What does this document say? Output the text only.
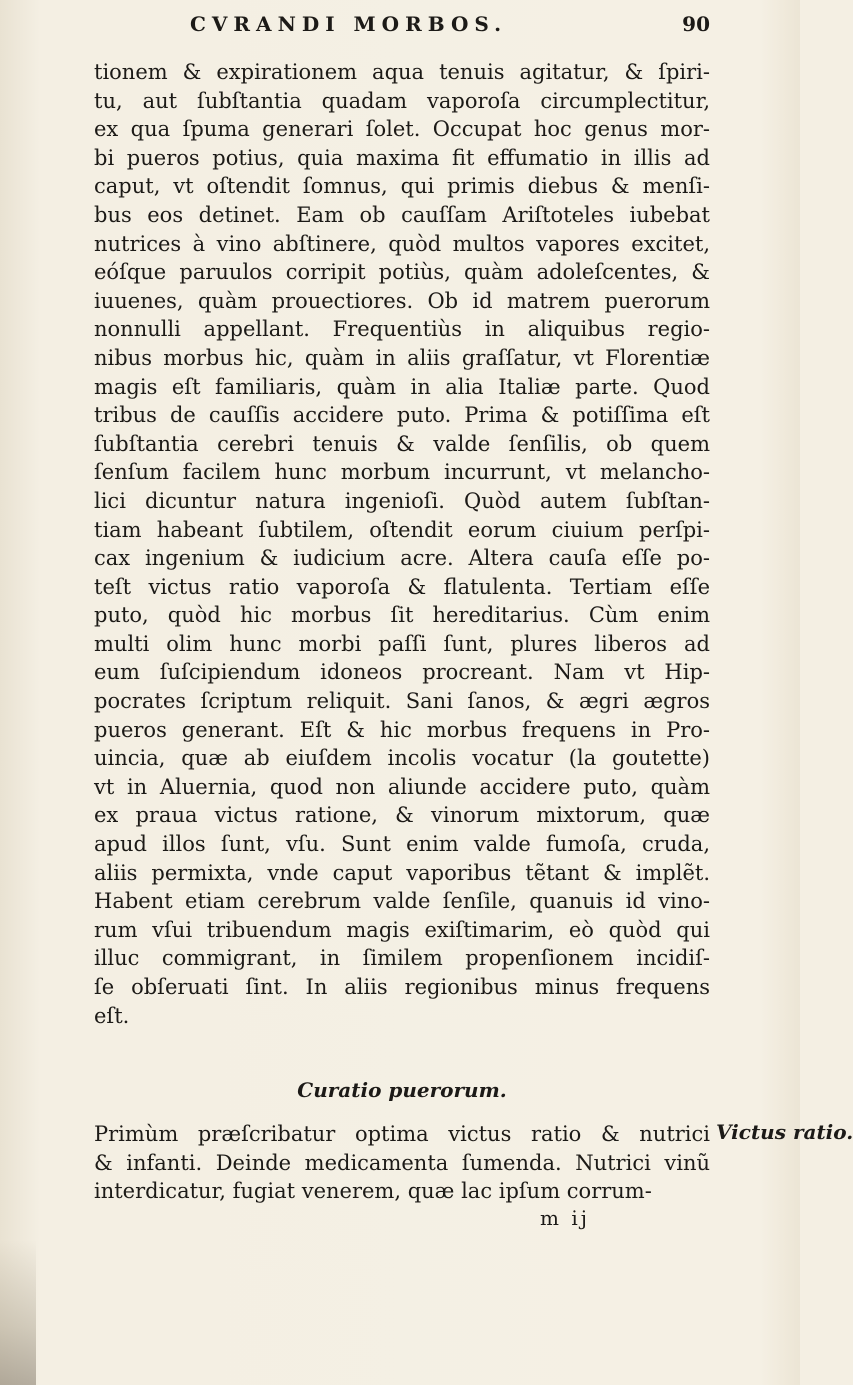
CVRANDI MORBOS.	90
tionem & expirationem aqua tenuis agitatur, & ſpiri-
tu, aut ſubſtantia quadam vaporoſa circumplectitur,
ex qua ſpuma generari ſolet. Occupat hoc genus mor-
bi pueros potius, quia maxima fit effumatio in illis ad
caput, vt oſtendit ſomnus, qui primis diebus & menſi-
bus eos detinet. Eam ob cauſſam Ariſtoteles iubebat
nutrices à vino abſtinere, quòd multos vapores excitet,
eóſque paruulos corripit potiùs, quàm adoleſcentes, &
iuuenes, quàm prouectiores. Ob id matrem puerorum
nonnulli appellant. Frequentiùs in aliquibus regio-
nibus morbus hic, quàm in aliis graſſatur, vt Florentiæ
magis eſt familiaris, quàm in alia Italiæ parte. Quod
tribus de cauſſis accidere puto. Prima & potiſſima eſt
ſubſtantia cerebri tenuis & valde ſenſilis, ob quem
ſenſum facilem hunc morbum incurrunt, vt melancho-
lici dicuntur natura ingenioſi. Quòd autem ſubſtan-
tiam habeant ſubtilem, oſtendit eorum ciuium perſpi-
cax ingenium & iudicium acre. Altera cauſa eſſe po-
teſt victus ratio vaporoſa & flatulenta. Tertiam eſſe
puto, quòd hic morbus ſit hereditarius. Cùm enim
multi olim hunc morbi paſſi ſunt, plures liberos ad
eum ſuſcipiendum idoneos procreant. Nam vt Hip-
pocrates ſcriptum reliquit. Sani ſanos, & ægri ægros
pueros generant. Eſt & hic morbus frequens in Pro-
uincia, quæ ab eiuſdem incolis vocatur (la goutette)
vt in Aluernia, quod non aliunde accidere puto, quàm
ex praua victus ratione, & vinorum mixtorum, quæ
apud illos ſunt, vſu. Sunt enim valde fumoſa, cruda,
aliis permixta, vnde caput vaporibus tẽtant & implẽt.
Habent etiam cerebrum valde ſenſile, quanuis id vino-
rum vſui tribuendum magis exiſtimarim, eò quòd qui
illuc commigrant, in ſimilem propenſionem incidiſ-
ſe obſeruati ſint. In aliis regionibus minus frequens
eſt.
Curatio puerorum.
Primùm præſcribatur optima victus ratio & nutrici
& infanti. Deinde medicamenta ſumenda. Nutrici vinũ
interdicatur, fugiat venerem, quæ lac ipſum corrum-
Victus ratio.
m ij
